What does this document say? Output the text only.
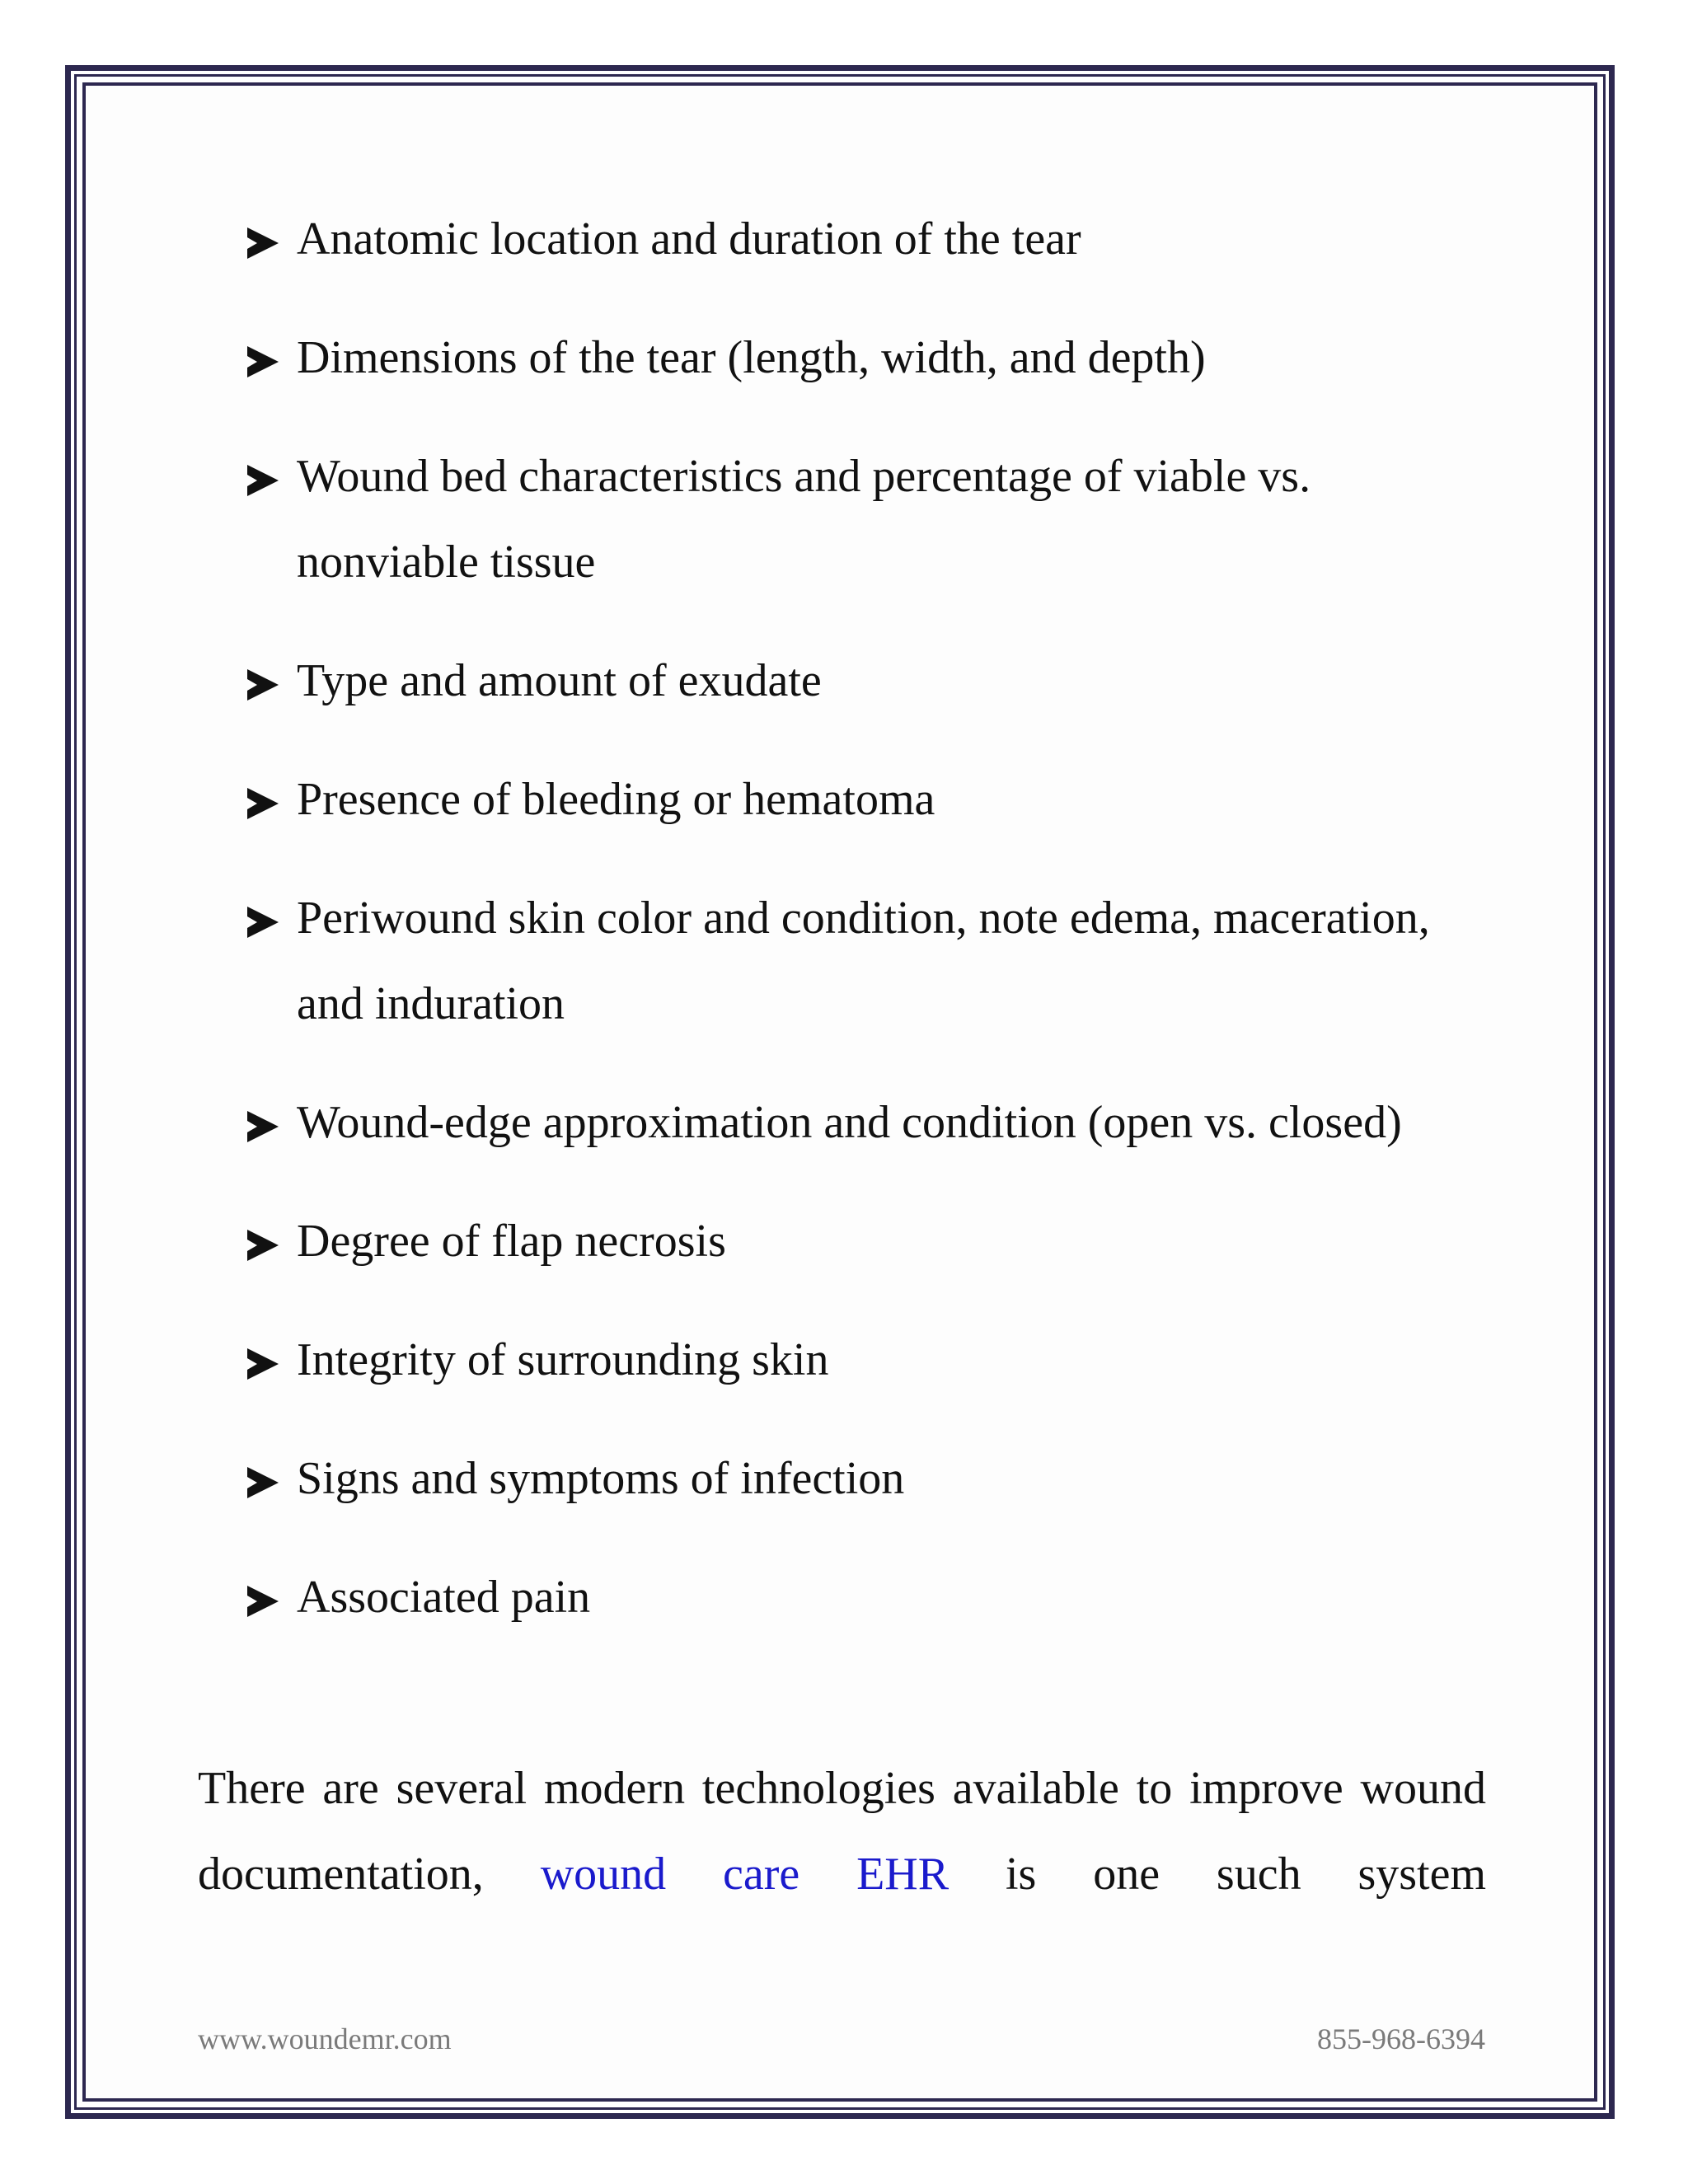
Anatomic location and duration of the tear
Dimensions of the tear (length, width, and depth)
Wound bed characteristics and percentage of viable vs. nonviable tissue
Type and amount of exudate
Presence of bleeding or hematoma
Periwound skin color and condition, note edema, maceration, and induration
Wound-edge approximation and condition (open vs. closed)
Degree of flap necrosis
Integrity of surrounding skin
Signs and symptoms of infection
Associated pain

There are several modern technologies available to improve wound documentation, wound care EHR is one such system

www.woundemr.com	855-968-6394
